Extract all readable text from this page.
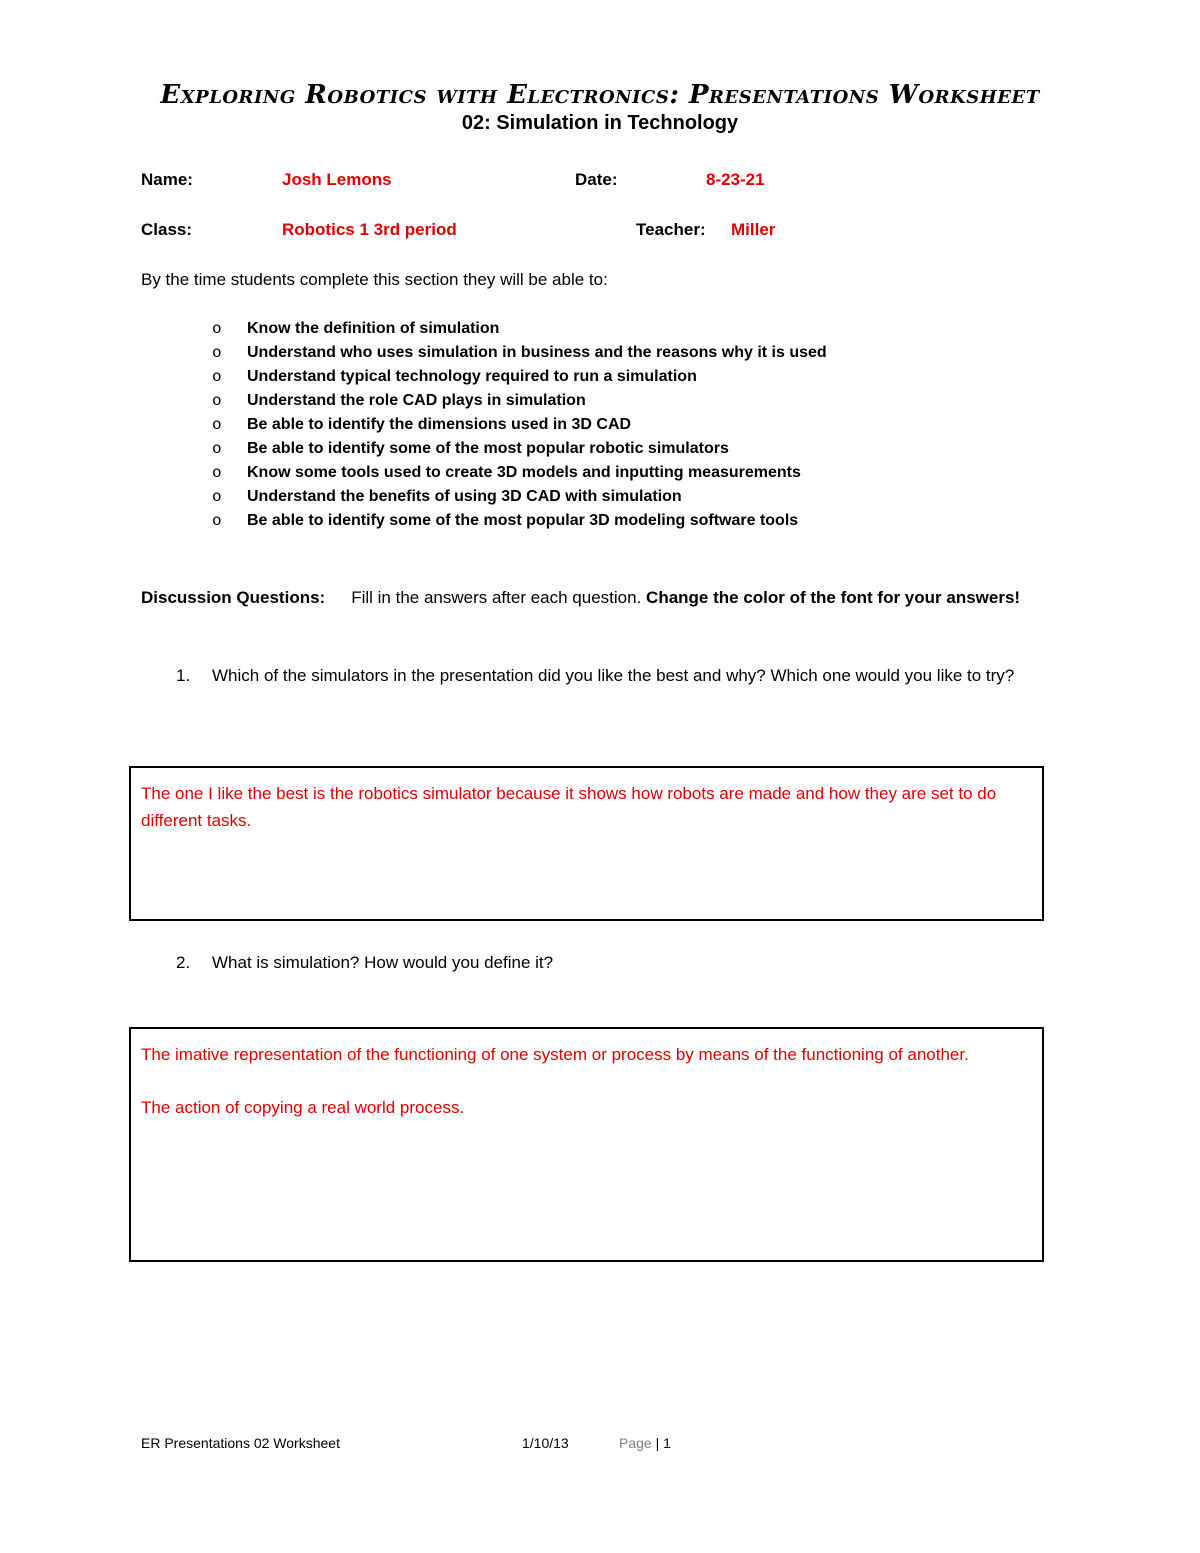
Exploring Robotics with Electronics: Presentations Worksheet
02: Simulation in Technology
Name:	Josh Lemons	Date:	8-23-21
Class:	Robotics 1 3rd period	Teacher: Miller
By the time students complete this section they will be able to:
o	Know the definition of simulation
o	Understand who uses simulation in business and the reasons why it is used
o	Understand typical technology required to run a simulation
o	Understand the role CAD plays in simulation
o	Be able to identify the dimensions used in 3D CAD
o	Be able to identify some of the most popular robotic simulators
o	Know some tools used to create 3D models and inputting measurements
o	Understand the benefits of using 3D CAD with simulation
o	Be able to identify some of the most popular 3D modeling software tools
Discussion Questions: Fill in the answers after each question. Change the color of the font for your answers!
1.	Which of the simulators in the presentation did you like the best and why? Which one would you like to try?

The one I like the best is the robotics simulator because it shows how robots are made and how they are set to do different tasks.

2.	What is simulation? How would you define it?

The imative representation of the functioning of one system or process by means of the functioning of another.

The action of copying a real world process.

ER Presentations 02 Worksheet	1/10/13	Page | 1
